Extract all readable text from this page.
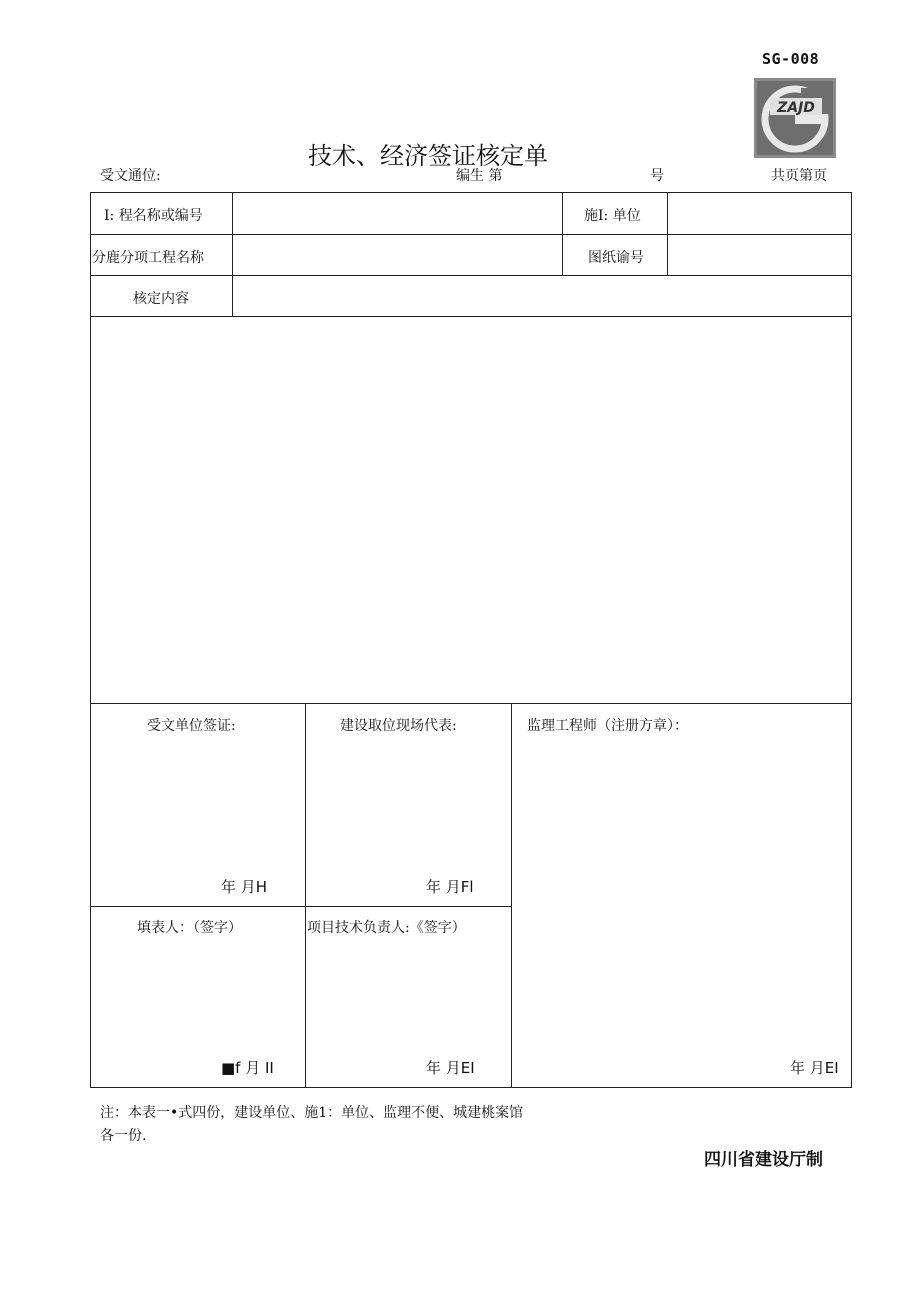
SG-008
ZAJD
技术、经济签证核定单
受文通位:	编生 第	号	共页第页
I: 程名称或编号	施I: 单位
分鹿分项工程名称	图纸谕号
核定内容
受文单位签证:
年 月H
建设取位现场代表:
年 月Fl
监理工程师（注册方章）：
年 月EI
填表人：（签字）
■f 月 II
项目技术负责人:《签字）
年 月EI
注：本表一•式四份，建设单位、施1：单位、监理不便、城建桃案馆
各一份.
四川省建设厅制
